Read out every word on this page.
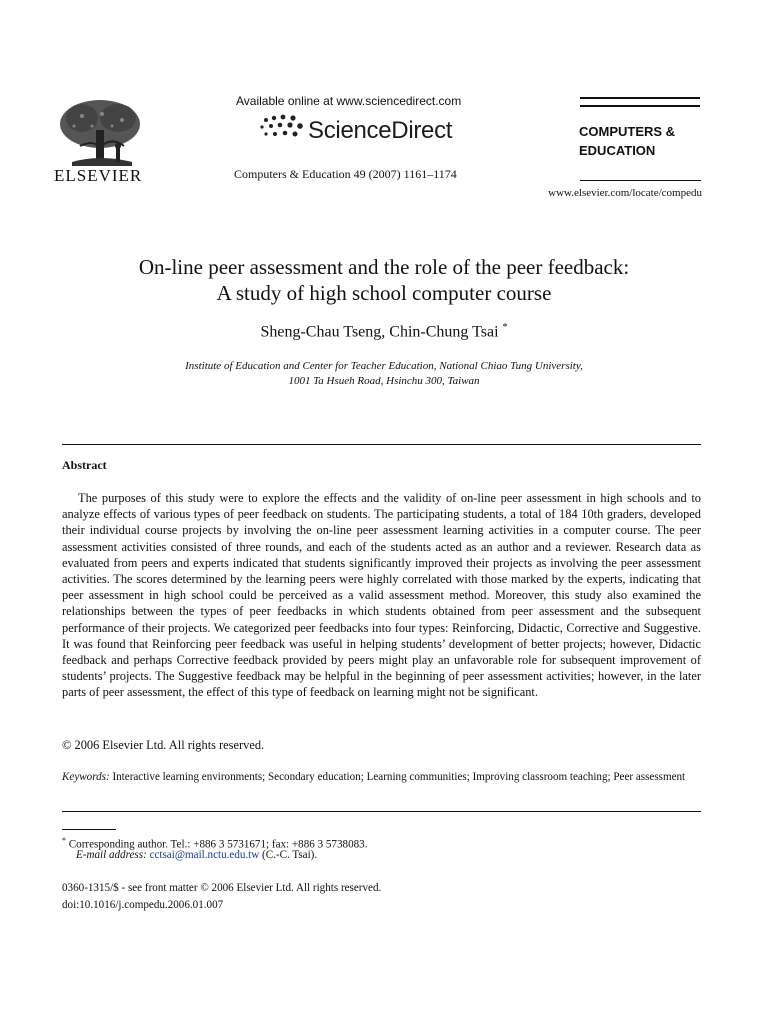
ELSEVIER
Available online at www.sciencedirect.com
ScienceDirect
Computers & Education 49 (2007) 1161–1174
COMPUTERS &
EDUCATION
www.elsevier.com/locate/compedu
On-line peer assessment and the role of the peer feedback:
A study of high school computer course
Sheng-Chau Tseng, Chin-Chung Tsai *
Institute of Education and Center for Teacher Education, National Chiao Tung University,
1001 Ta Hsueh Road, Hsinchu 300, Taiwan
Abstract
The purposes of this study were to explore the effects and the validity of on-line peer assessment in high schools and to analyze effects of various types of peer feedback on students. The participating students, a total of 184 10th graders, developed their individual course projects by involving the on-line peer assessment learning activities in a computer course. The peer assessment activities consisted of three rounds, and each of the students acted as an author and a reviewer. Research data as evaluated from peers and experts indicated that students significantly improved their projects as involving the peer assessment activities. The scores determined by the learning peers were highly correlated with those marked by the experts, indicating that peer assessment in high school could be perceived as a valid assessment method. Moreover, this study also examined the relationships between the types of peer feedbacks in which students obtained from peer assessment and the subsequent performance of their projects. We categorized peer feedbacks into four types: Reinforcing, Didactic, Corrective and Suggestive. It was found that Reinforcing peer feedback was useful in helping students’ development of better projects; however, Didactic feedback and perhaps Corrective feedback provided by peers might play an unfavorable role for subsequent improvement of students’ projects. The Suggestive feedback may be helpful in the beginning of peer assessment activities; however, in the later parts of peer assessment, the effect of this type of feedback on learning might not be significant.
© 2006 Elsevier Ltd. All rights reserved.
Keywords: Interactive learning environments; Secondary education; Learning communities; Improving classroom teaching; Peer assessment
* Corresponding author. Tel.: +886 3 5731671; fax: +886 3 5738083.
E-mail address: cctsai@mail.nctu.edu.tw (C.-C. Tsai).
0360-1315/$ - see front matter © 2006 Elsevier Ltd. All rights reserved.
doi:10.1016/j.compedu.2006.01.007
